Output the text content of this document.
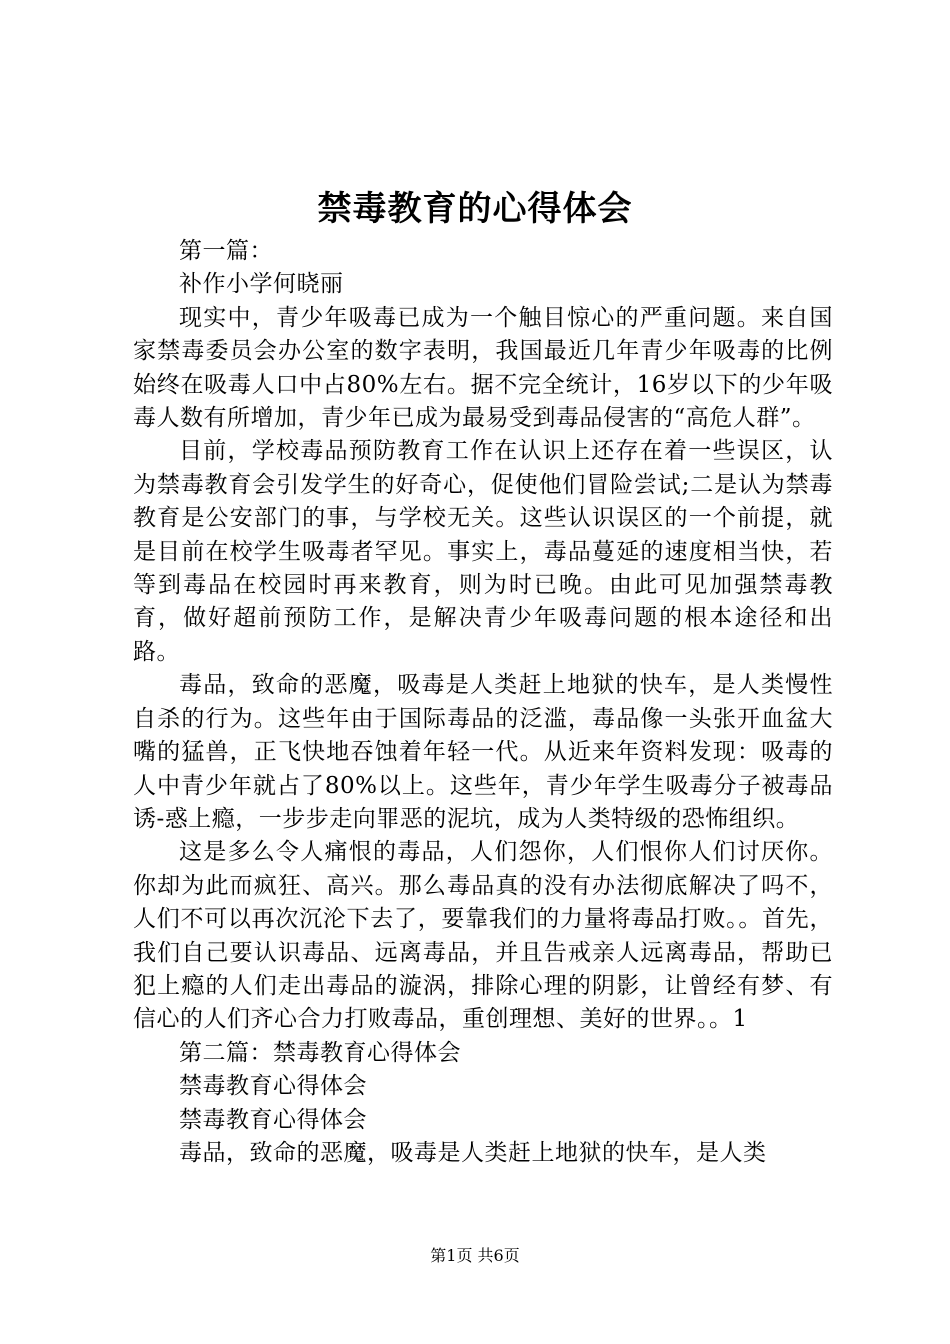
禁毒教育的心得体会

第一篇：

补作小学何晓丽

现实中，青少年吸毒已成为一个触目惊心的严重问题。来自国家禁毒委员会办公室的数字表明，我国最近几年青少年吸毒的比例始终在吸毒人口中占80%左右。据不完全统计，16岁以下的少年吸毒人数有所增加，青少年已成为最易受到毒品侵害的“高危人群”。

目前，学校毒品预防教育工作在认识上还存在着一些误区，认为禁毒教育会引发学生的好奇心，促使他们冒险尝试;二是认为禁毒教育是公安部门的事，与学校无关。这些认识误区的一个前提，就是目前在校学生吸毒者罕见。事实上，毒品蔓延的速度相当快，若等到毒品在校园时再来教育，则为时已晚。由此可见加强禁毒教育，做好超前预防工作，是解决青少年吸毒问题的根本途径和出路。

毒品，致命的恶魔，吸毒是人类赶上地狱的快车，是人类慢性自杀的行为。这些年由于国际毒品的泛滥，毒品像一头张开血盆大嘴的猛兽，正飞快地吞蚀着年轻一代。从近来年资料发现：吸毒的人中青少年就占了80%以上。这些年，青少年学生吸毒分子被毒品诱-惑上瘾，一步步走向罪恶的泥坑，成为人类特级的恐怖组织。

这是多么令人痛恨的毒品，人们怨你，人们恨你人们讨厌你。你却为此而疯狂、高兴。那么毒品真的没有办法彻底解决了吗不，人们不可以再次沉沦下去了，要靠我们的力量将毒品打败。。首先，我们自己要认识毒品、远离毒品，并且告戒亲人远离毒品，帮助已犯上瘾的人们走出毒品的漩涡，排除心理的阴影，让曾经有梦、有信心的人们齐心合力打败毒品，重创理想、美好的世界。。1

第二篇：禁毒教育心得体会

禁毒教育心得体会

禁毒教育心得体会

毒品，致命的恶魔，吸毒是人类赶上地狱的快车，是人类

第1页 共6页
